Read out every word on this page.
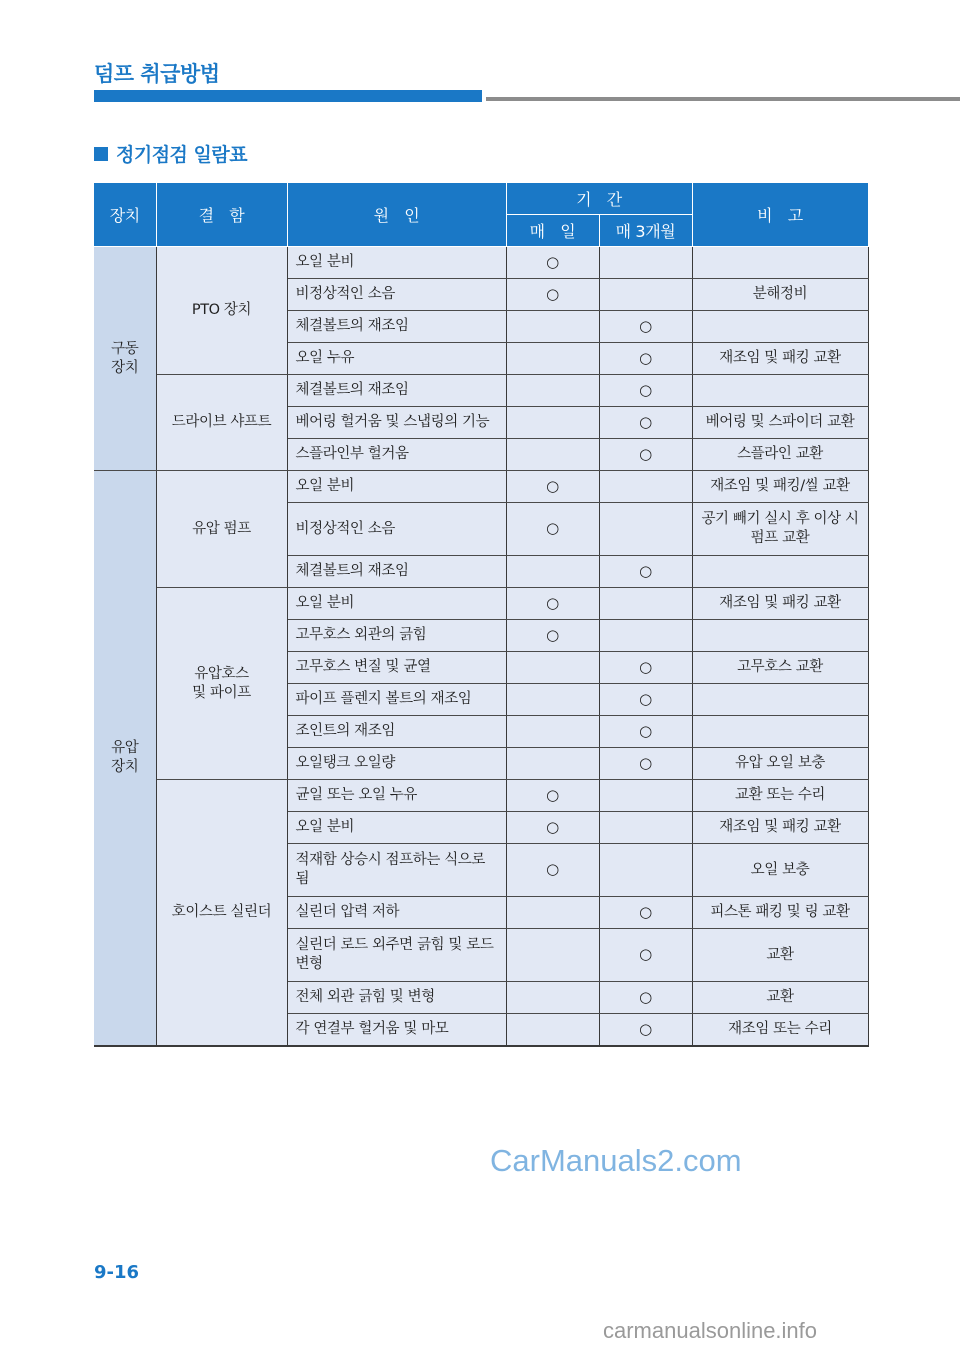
덤프 취급방법
정기점검 일람표
장치	결　함	원　인	기　간		비　고
			매　일	매 3개월	
구동
장치	PTO 장치	오일 분비	○		
		비정상적인 소음	○		분해정비
		체결볼트의 재조임		○	
		오일 누유		○	재조임 및 패킹 교환
	드라이브 샤프트	체결볼트의 재조임		○	
		베어링 헐거움 및 스냅링의 기능		○	베어링 및 스파이더 교환
		스플라인부 헐거움		○	스플라인 교환
유압
장치	유압 펌프	오일 분비	○		재조임 및 패킹/씰 교환
		비정상적인 소음	○		공기 빼기 실시 후 이상 시 펌프 교환
		체결볼트의 재조임		○	
	유압호스
및 파이프	오일 분비	○		재조임 및 패킹 교환
		고무호스 외관의 긁힘	○		
		고무호스 변질 및 균열		○	고무호스 교환
		파이프 플렌지 볼트의 재조임		○	
		조인트의 재조임		○	
		오일탱크 오일량		○	유압 오일 보충
	호이스트 실린더	균일 또는 오일 누유	○		교환 또는 수리
		오일 분비	○		재조임 및 패킹 교환
		적재함 상승시 점프하는 식으로 됨	○		오일 보충
		실린더 압력 저하		○	피스톤 패킹 및 링 교환
		실린더 로드 외주면 긁힘 및 로드 변형		○	교환
		전체 외관 긁힘 및 변형		○	교환
		각 연결부 헐거움 및 마모		○	재조임 또는 수리
CarManuals2.com
9-16
carmanualsonline.info
